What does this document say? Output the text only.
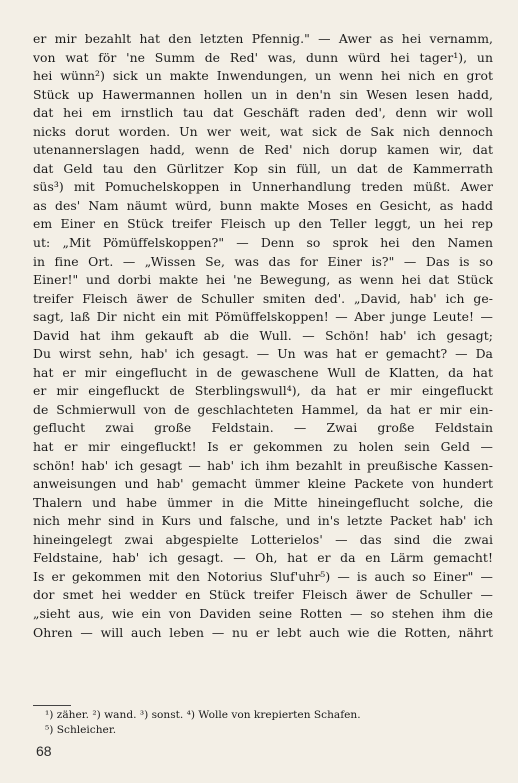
er mir bezahlt hat den letzten Pfennig." — Awer as hei vernamm,
von wat för 'ne Summ de Red' was, dunn würd hei tager¹), un
hei wünn²) sick un makte Inwendungen, un wenn hei nich en grot
Stück up Hawermannen hollen un in den'n sin Wesen lesen hadd,
dat hei em irnstlich tau dat Geschäft raden ded', denn wir woll
nicks dorut worden. Un wer weit, wat sick de Sak nich dennoch
utenannerslagen hadd, wenn de Red' nich dorup kamen wir, dat
dat Geld tau den Gürlitzer Kop sin füll, un dat de Kammerrath
süs³) mit Pomuchelskoppen in Unnerhandlung treden müßt. Awer
as des' Nam näumt würd, bunn makte Moses en Gesicht, as hadd
em Einer en Stück treifer Fleisch up den Teller leggt, un hei rep
ut: „Mit Pömüffelskoppen?" — Denn so sprok hei den Namen
in fine Ort. — „Wissen Se, was das for Einer is?" — Das is so
Einer!" und dorbi makte hei 'ne Bewegung, as wenn hei dat Stück
treifer Fleisch äwer de Schuller smiten ded'. „David, hab' ich ge-
sagt, laß Dir nicht ein mit Pömüffelskoppen! — Aber junge Leute! —
David hat ihm gekauft ab die Wull. — Schön! hab' ich gesagt;
Du wirst sehn, hab' ich gesagt. — Un was hat er gemacht? — Da
hat er mir eingeflucht in de gewaschene Wull de Klatten, da hat
er mir eingefluckt de Sterblingswull⁴), da hat er mir eingefluckt
de Schmierwull von de geschlachteten Hammel, da hat er mir ein-
geflucht zwai große Feldstain. — Zwai große Feldstain
hat er mir eingefluckt! Is er gekommen zu holen sein Geld —
schön! hab' ich gesagt — hab' ich ihm bezahlt in preußische Kassen-
anweisungen und hab' gemacht ümmer kleine Packete von hundert
Thalern und habe ümmer in die Mitte hineingeflucht solche, die
nich mehr sind in Kurs und falsche, und in's letzte Packet hab' ich
hineingelegt zwai abgespielte Lotterielos' — das sind die zwai
Feldstaine, hab' ich gesagt. — Oh, hat er da en Lärm gemacht!
Is er gekommen mit den Notorius Sluf'uhr⁵) — is auch so Einer" —
dor smet hei wedder en Stück treifer Fleisch äwer de Schuller —
„sieht aus, wie ein von Daviden seine Rotten — so stehen ihm die
Ohren — will auch leben — nu er lebt auch wie die Rotten, nährt
¹) zäher. ²) wand. ³) sonst. ⁴) Wolle von krepierten Schafen.
⁵) Schleicher.
68
